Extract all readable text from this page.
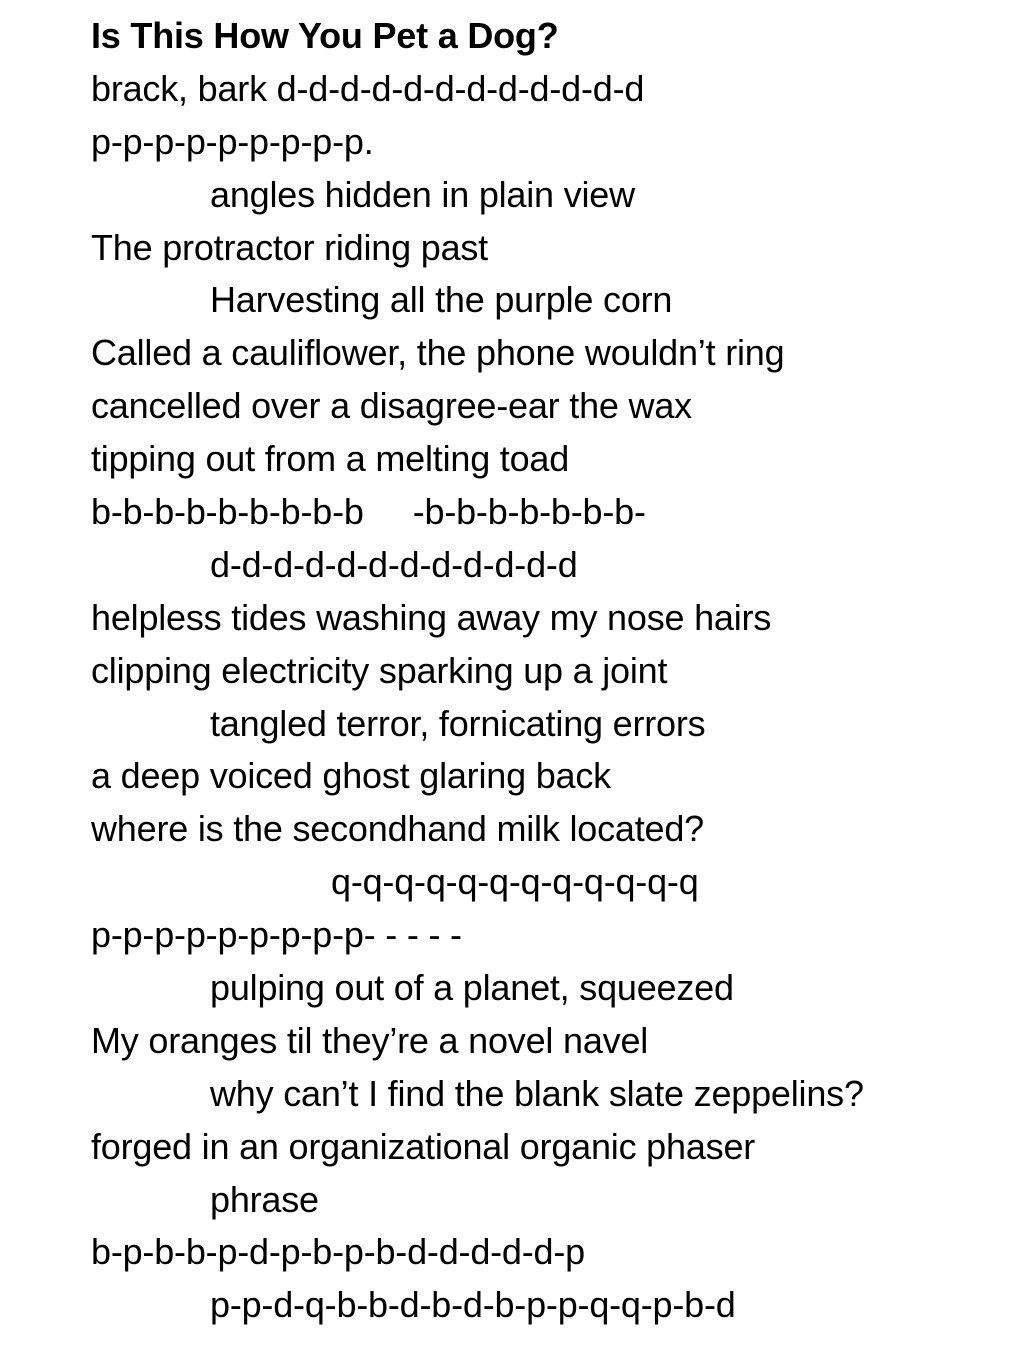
Is This How You Pet a Dog?
brack, bark d-d-d-d-d-d-d-d-d-d-d-d
p-p-p-p-p-p-p-p-p.
angles hidden in plain view
The protractor riding past
Harvesting all the purple corn
Called a cauliflower, the phone wouldn’t ring
cancelled over a disagree-ear the wax
tipping out from a melting toad
b-b-b-b-b-b-b-b-b     -b-b-b-b-b-b-b-
d-d-d-d-d-d-d-d-d-d-d-d
helpless tides washing away my nose hairs
clipping electricity sparking up a joint
tangled terror, fornicating errors
a deep voiced ghost glaring back
where is the secondhand milk located?
q-q-q-q-q-q-q-q-q-q-q-q
p-p-p-p-p-p-p-p-p- - - - -
pulping out of a planet, squeezed
My oranges til they’re a novel navel
why can’t I find the blank slate zeppelins?
forged in an organizational organic phaser
phrase
b-p-b-b-p-d-p-b-p-b-d-d-d-d-d-p
p-p-d-q-b-b-d-b-d-b-p-p-q-q-p-b-d
